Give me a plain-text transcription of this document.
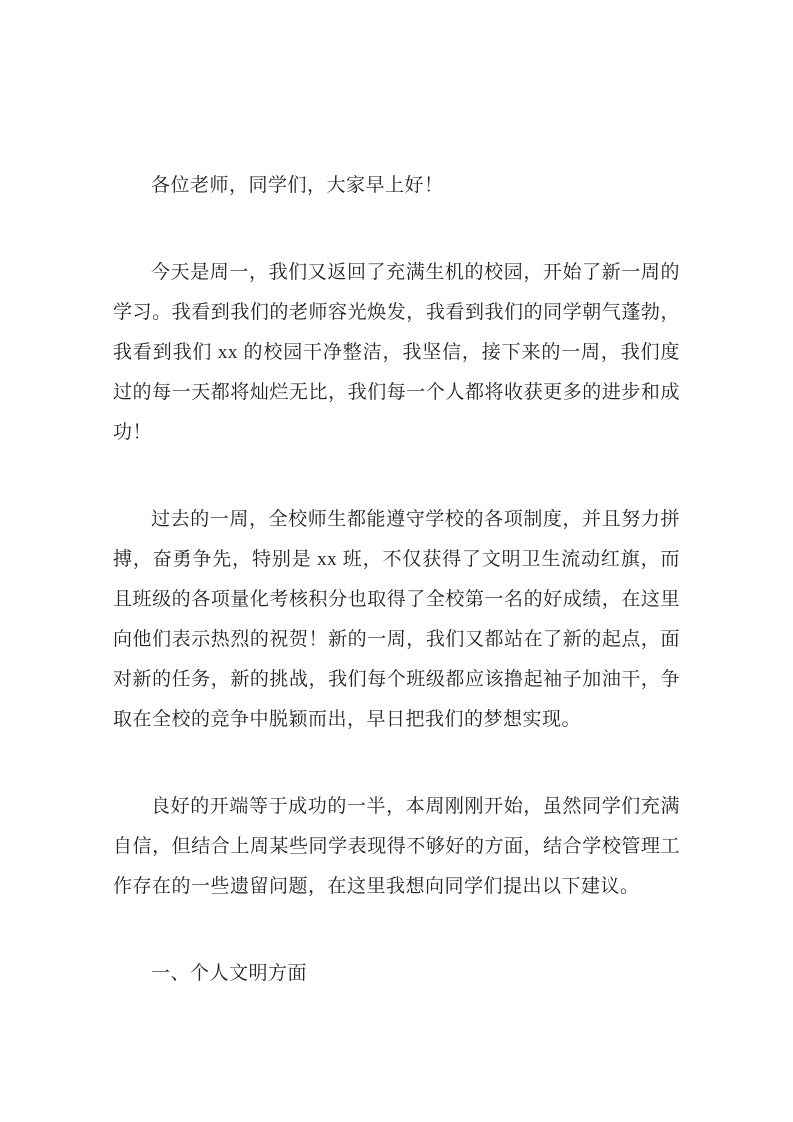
各位老师，同学们，大家早上好！

今天是周一，我们又返回了充满生机的校园，开始了新一周的学习。我看到我们的老师容光焕发，我看到我们的同学朝气蓬勃，我看到我们 xx 的校园干净整洁，我坚信，接下来的一周，我们度过的每一天都将灿烂无比，我们每一个人都将收获更多的进步和成功！

过去的一周，全校师生都能遵守学校的各项制度，并且努力拼搏，奋勇争先，特别是 xx 班，不仅获得了文明卫生流动红旗，而且班级的各项量化考核积分也取得了全校第一名的好成绩，在这里向他们表示热烈的祝贺！新的一周，我们又都站在了新的起点，面对新的任务，新的挑战，我们每个班级都应该撸起袖子加油干，争取在全校的竞争中脱颖而出，早日把我们的梦想实现。

良好的开端等于成功的一半，本周刚刚开始，虽然同学们充满自信，但结合上周某些同学表现得不够好的方面，结合学校管理工作存在的一些遗留问题，在这里我想向同学们提出以下建议。

一、个人文明方面
